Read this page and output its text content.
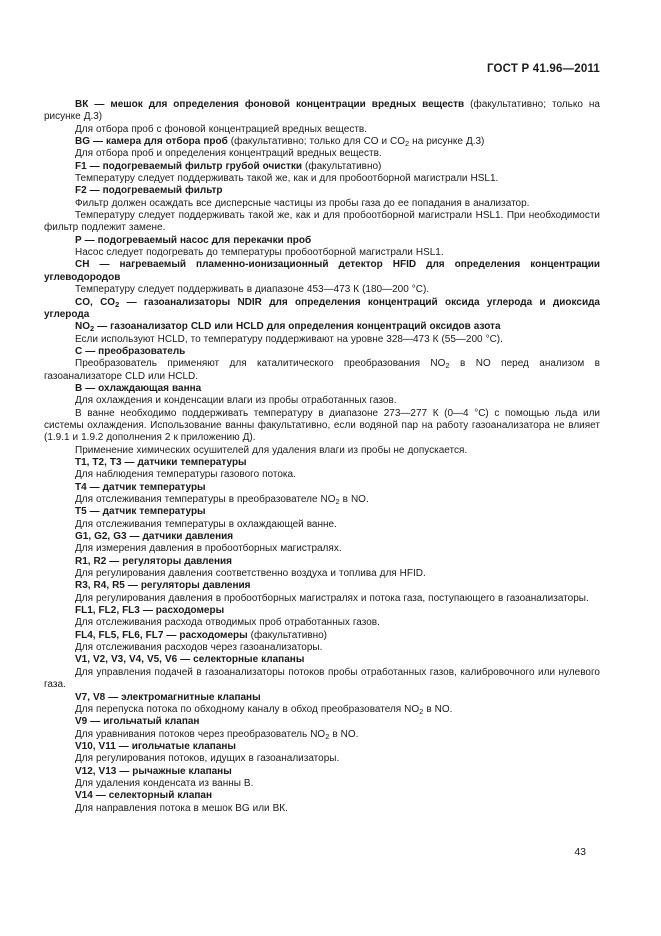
ГОСТ Р 41.96—2011

ВК — мешок для определения фоновой концентрации вредных веществ (факультативно; только на рисунке Д.3)

Для отбора проб с фоновой концентрацией вредных веществ.

BG — камера для отбора проб (факультативно; только для CO и $CO_2$ на рисунке Д.3)

Для отбора проб и определения концентраций вредных веществ.

F1 — подогреваемый фильтр грубой очистки (факультативно)

Температуру следует поддерживать такой же, как и для пробоотборной магистрали HSL1.

F2 — подогреваемый фильтр

Фильтр должен осаждать все дисперсные частицы из пробы газа до ее попадания в анализатор.

Температуру следует поддерживать такой же, как и для пробоотборной магистрали HSL1. При необходимости фильтр подлежит замене.

Р — подогреваемый насос для перекачки проб

Насос следует подогревать до температуры пробоотборной магистрали HSL1.

СН — нагреваемый пламенно-ионизационный детектор HFID для определения концентрации углеводородов

Температуру следует поддерживать в диапазоне 453—473 К (180—200 °С).

CO, $CO_2$ — газоанализаторы NDIR для определения концентраций оксида углерода и диоксида углерода

$NO_2$ — газоанализатор CLD или HCLD для определения концентраций оксидов азота

Если используют HCLD, то температуру поддерживают на уровне 328—473 К (55—200 °С).

С — преобразователь

Преобразователь применяют для каталитического преобразования $NO_2$ в NO перед анализом в газоанализаторе CLD или HCLD.

В — охлаждающая ванна

Для охлаждения и конденсации влаги из пробы отработанных газов.

В ванне необходимо поддерживать температуру в диапазоне 273—277 К (0—4 °С) с помощью льда или системы охлаждения. Использование ванны факультативно, если водяной пар на работу газоанализатора не влияет (1.9.1 и 1.9.2 дополнения 2 к приложению Д).

Применение химических осушителей для удаления влаги из пробы не допускается.

Т1, Т2, Т3 — датчики температуры

Для наблюдения температуры газового потока.

Т4 — датчик температуры

Для отслеживания температуры в преобразователе $NO_2$ в NO.

Т5 — датчик температуры

Для отслеживания температуры в охлаждающей ванне.

G1, G2, G3 — датчики давления

Для измерения давления в пробоотборных магистралях.

R1, R2 — регуляторы давления

Для регулирования давления соответственно воздуха и топлива для HFID.

R3, R4, R5 — регуляторы давления

Для регулирования давления в пробоотборных магистралях и потока газа, поступающего в газоанализаторы.

FL1, FL2, FL3 — расходомеры

Для отслеживания расхода отводимых проб отработанных газов.

FL4, FL5, FL6, FL7 — расходомеры (факультативно)

Для отслеживания расходов через газоанализаторы.

V1, V2, V3, V4, V5, V6 — селекторные клапаны

Для управления подачей в газоанализаторы потоков пробы отработанных газов, калибровочного или нулевого газа.

V7, V8 — электромагнитные клапаны

Для перепуска потока по обходному каналу в обход преобразователя $NO_2$ в NO.

V9 — игольчатый клапан

Для уравнивания потоков через преобразователь $NO_2$ в NO.

V10, V11 — игольчатые клапаны

Для регулирования потоков, идущих в газоанализаторы.

V12, V13 — рычажные клапаны

Для удаления конденсата из ванны В.

V14 — селекторный клапан

Для направления потока в мешок BG или ВК.

43
